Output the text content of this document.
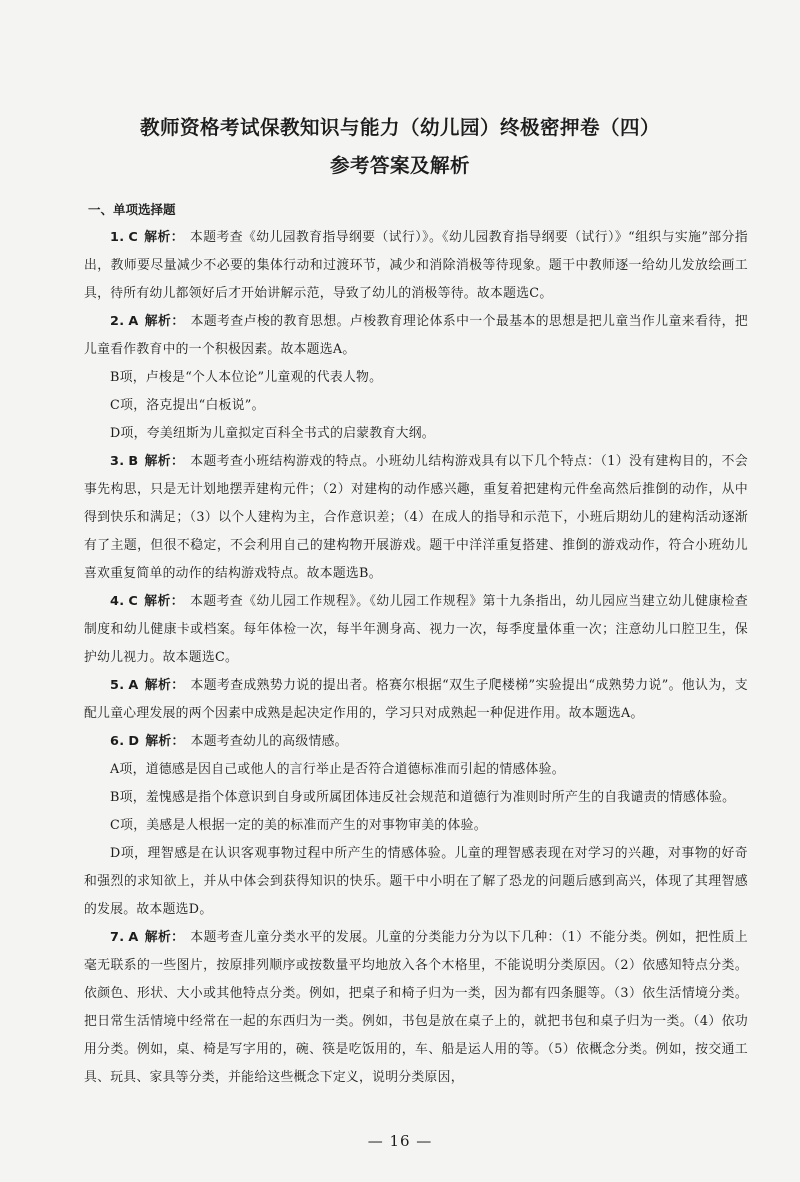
教师资格考试保教知识与能力（幼儿园）终极密押卷（四）
参考答案及解析
一、单项选择题
1. C 解析： 本题考查《幼儿园教育指导纲要（试行）》。《幼儿园教育指导纲要（试行）》“组织与实施”部分指出，教师要尽量减少不必要的集体行动和过渡环节，减少和消除消极等待现象。题干中教师逐一给幼儿发放绘画工具，待所有幼儿都领好后才开始讲解示范，导致了幼儿的消极等待。故本题选C。
2. A 解析： 本题考查卢梭的教育思想。卢梭教育理论体系中一个最基本的思想是把儿童当作儿童来看待，把儿童看作教育中的一个积极因素。故本题选A。
B项，卢梭是“个人本位论”儿童观的代表人物。
C项，洛克提出“白板说”。
D项，夸美纽斯为儿童拟定百科全书式的启蒙教育大纲。
3. B 解析： 本题考查小班结构游戏的特点。小班幼儿结构游戏具有以下几个特点：（1）没有建构目的，不会事先构思，只是无计划地摆弄建构元件；（2）对建构的动作感兴趣，重复着把建构元件垒高然后推倒的动作，从中得到快乐和满足；（3）以个人建构为主，合作意识差；（4）在成人的指导和示范下，小班后期幼儿的建构活动逐渐有了主题，但很不稳定，不会利用自己的建构物开展游戏。题干中洋洋重复搭建、推倒的游戏动作，符合小班幼儿喜欢重复简单的动作的结构游戏特点。故本题选B。
4. C 解析： 本题考查《幼儿园工作规程》。《幼儿园工作规程》第十九条指出，幼儿园应当建立幼儿健康检查制度和幼儿健康卡或档案。每年体检一次，每半年测身高、视力一次，每季度量体重一次；注意幼儿口腔卫生，保护幼儿视力。故本题选C。
5. A 解析： 本题考查成熟势力说的提出者。格赛尔根据“双生子爬楼梯”实验提出“成熟势力说”。他认为，支配儿童心理发展的两个因素中成熟是起决定作用的，学习只对成熟起一种促进作用。故本题选A。
6. D 解析： 本题考查幼儿的高级情感。
A项，道德感是因自己或他人的言行举止是否符合道德标准而引起的情感体验。
B项，羞愧感是指个体意识到自身或所属团体违反社会规范和道德行为准则时所产生的自我谴责的情感体验。
C项，美感是人根据一定的美的标准而产生的对事物审美的体验。
D项，理智感是在认识客观事物过程中所产生的情感体验。儿童的理智感表现在对学习的兴趣，对事物的好奇和强烈的求知欲上，并从中体会到获得知识的快乐。题干中小明在了解了恐龙的问题后感到高兴，体现了其理智感的发展。故本题选D。
7. A 解析： 本题考查儿童分类水平的发展。儿童的分类能力分为以下几种：（1）不能分类。例如，把性质上毫无联系的一些图片，按原排列顺序或按数量平均地放入各个木格里，不能说明分类原因。（2）依感知特点分类。依颜色、形状、大小或其他特点分类。例如，把桌子和椅子归为一类，因为都有四条腿等。（3）依生活情境分类。把日常生活情境中经常在一起的东西归为一类。例如，书包是放在桌子上的，就把书包和桌子归为一类。（4）依功用分类。例如，桌、椅是写字用的，碗、筷是吃饭用的，车、船是运人用的等。（5）依概念分类。例如，按交通工具、玩具、家具等分类，并能给这些概念下定义，说明分类原因，
— 16 —
